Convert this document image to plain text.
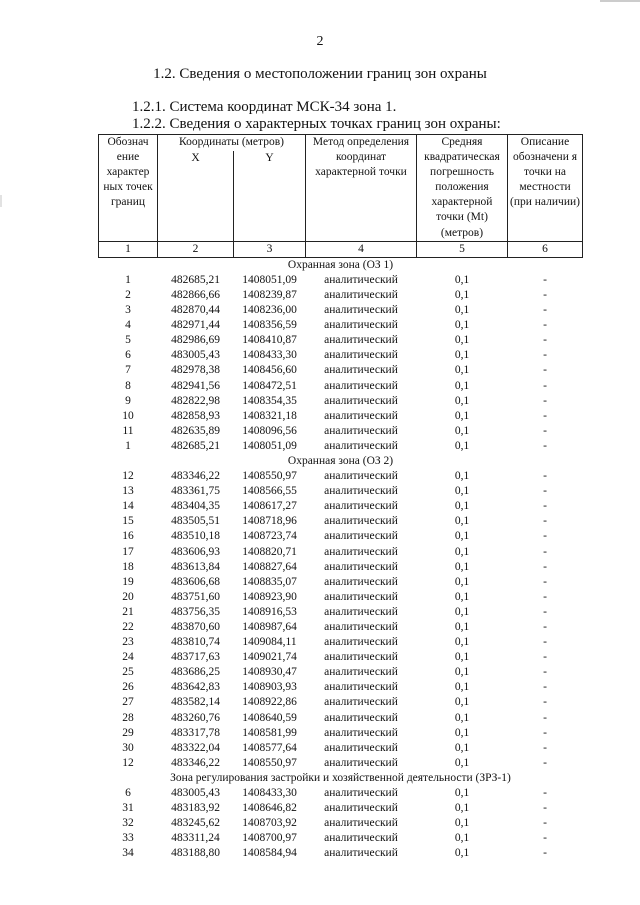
2
1.2. Сведения о местоположении границ зон охраны
1.2.1. Система координат МСК-34 зона 1.
1.2.2. Сведения о характерных точках границ зон охраны:
Обознач ение характер ных точек границ	Координаты (метров)		Метод определения координат характерной точки	Средняя квадратическая погрешность положения характерной точки (Mt) (метров)	Описание обозначени я точки на местности (при наличии)
	X	Y			
1	2	3	4	5	6
Охранная зона (ОЗ 1)					
1	482685,21	1408051,09	аналитический	0,1	-
2	482866,66	1408239,87	аналитический	0,1	-
3	482870,44	1408236,00	аналитический	0,1	-
4	482971,44	1408356,59	аналитический	0,1	-
5	482986,69	1408410,87	аналитический	0,1	-
6	483005,43	1408433,30	аналитический	0,1	-
7	482978,38	1408456,60	аналитический	0,1	-
8	482941,56	1408472,51	аналитический	0,1	-
9	482822,98	1408354,35	аналитический	0,1	-
10	482858,93	1408321,18	аналитический	0,1	-
11	482635,89	1408096,56	аналитический	0,1	-
1	482685,21	1408051,09	аналитический	0,1	-
Охранная зона (ОЗ 2)					
12	483346,22	1408550,97	аналитический	0,1	-
13	483361,75	1408566,55	аналитический	0,1	-
14	483404,35	1408617,27	аналитический	0,1	-
15	483505,51	1408718,96	аналитический	0,1	-
16	483510,18	1408723,74	аналитический	0,1	-
17	483606,93	1408820,71	аналитический	0,1	-
18	483613,84	1408827,64	аналитический	0,1	-
19	483606,68	1408835,07	аналитический	0,1	-
20	483751,60	1408923,90	аналитический	0,1	-
21	483756,35	1408916,53	аналитический	0,1	-
22	483870,60	1408987,64	аналитический	0,1	-
23	483810,74	1409084,11	аналитический	0,1	-
24	483717,63	1409021,74	аналитический	0,1	-
25	483686,25	1408930,47	аналитический	0,1	-
26	483642,83	1408903,93	аналитический	0,1	-
27	483582,14	1408922,86	аналитический	0,1	-
28	483260,76	1408640,59	аналитический	0,1	-
29	483317,78	1408581,99	аналитический	0,1	-
30	483322,04	1408577,64	аналитический	0,1	-
12	483346,22	1408550,97	аналитический	0,1	-
Зона регулирования застройки и хозяйственной деятельности (ЗРЗ-1)					
6	483005,43	1408433,30	аналитический	0,1	-
31	483183,92	1408646,82	аналитический	0,1	-
32	483245,62	1408703,92	аналитический	0,1	-
33	483311,24	1408700,97	аналитический	0,1	-
34	483188,80	1408584,94	аналитический	0,1	-
